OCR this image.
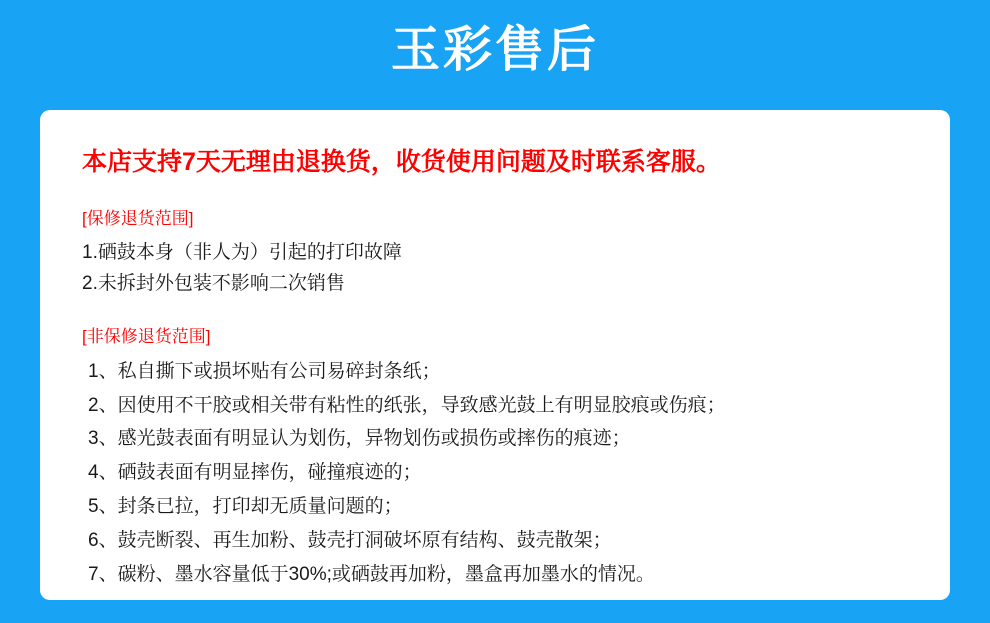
玉彩售后
本店支持7天无理由退换货，收货使用问题及时联系客服。
[保修退货范围]
1.硒鼓本身（非人为）引起的打印故障
2.未拆封外包装不影响二次销售
[非保修退货范围]
1、私自撕下或损坏贴有公司易碎封条纸；
2、因使用不干胶或相关带有粘性的纸张，导致感光鼓上有明显胶痕或伤痕；
3、感光鼓表面有明显认为划伤，异物划伤或损伤或摔伤的痕迹；
4、硒鼓表面有明显摔伤，碰撞痕迹的；
5、封条已拉，打印却无质量问题的；
6、鼓壳断裂、再生加粉、鼓壳打洞破坏原有结构、鼓壳散架；
7、碳粉、墨水容量低于30%;或硒鼓再加粉，墨盒再加墨水的情况。
